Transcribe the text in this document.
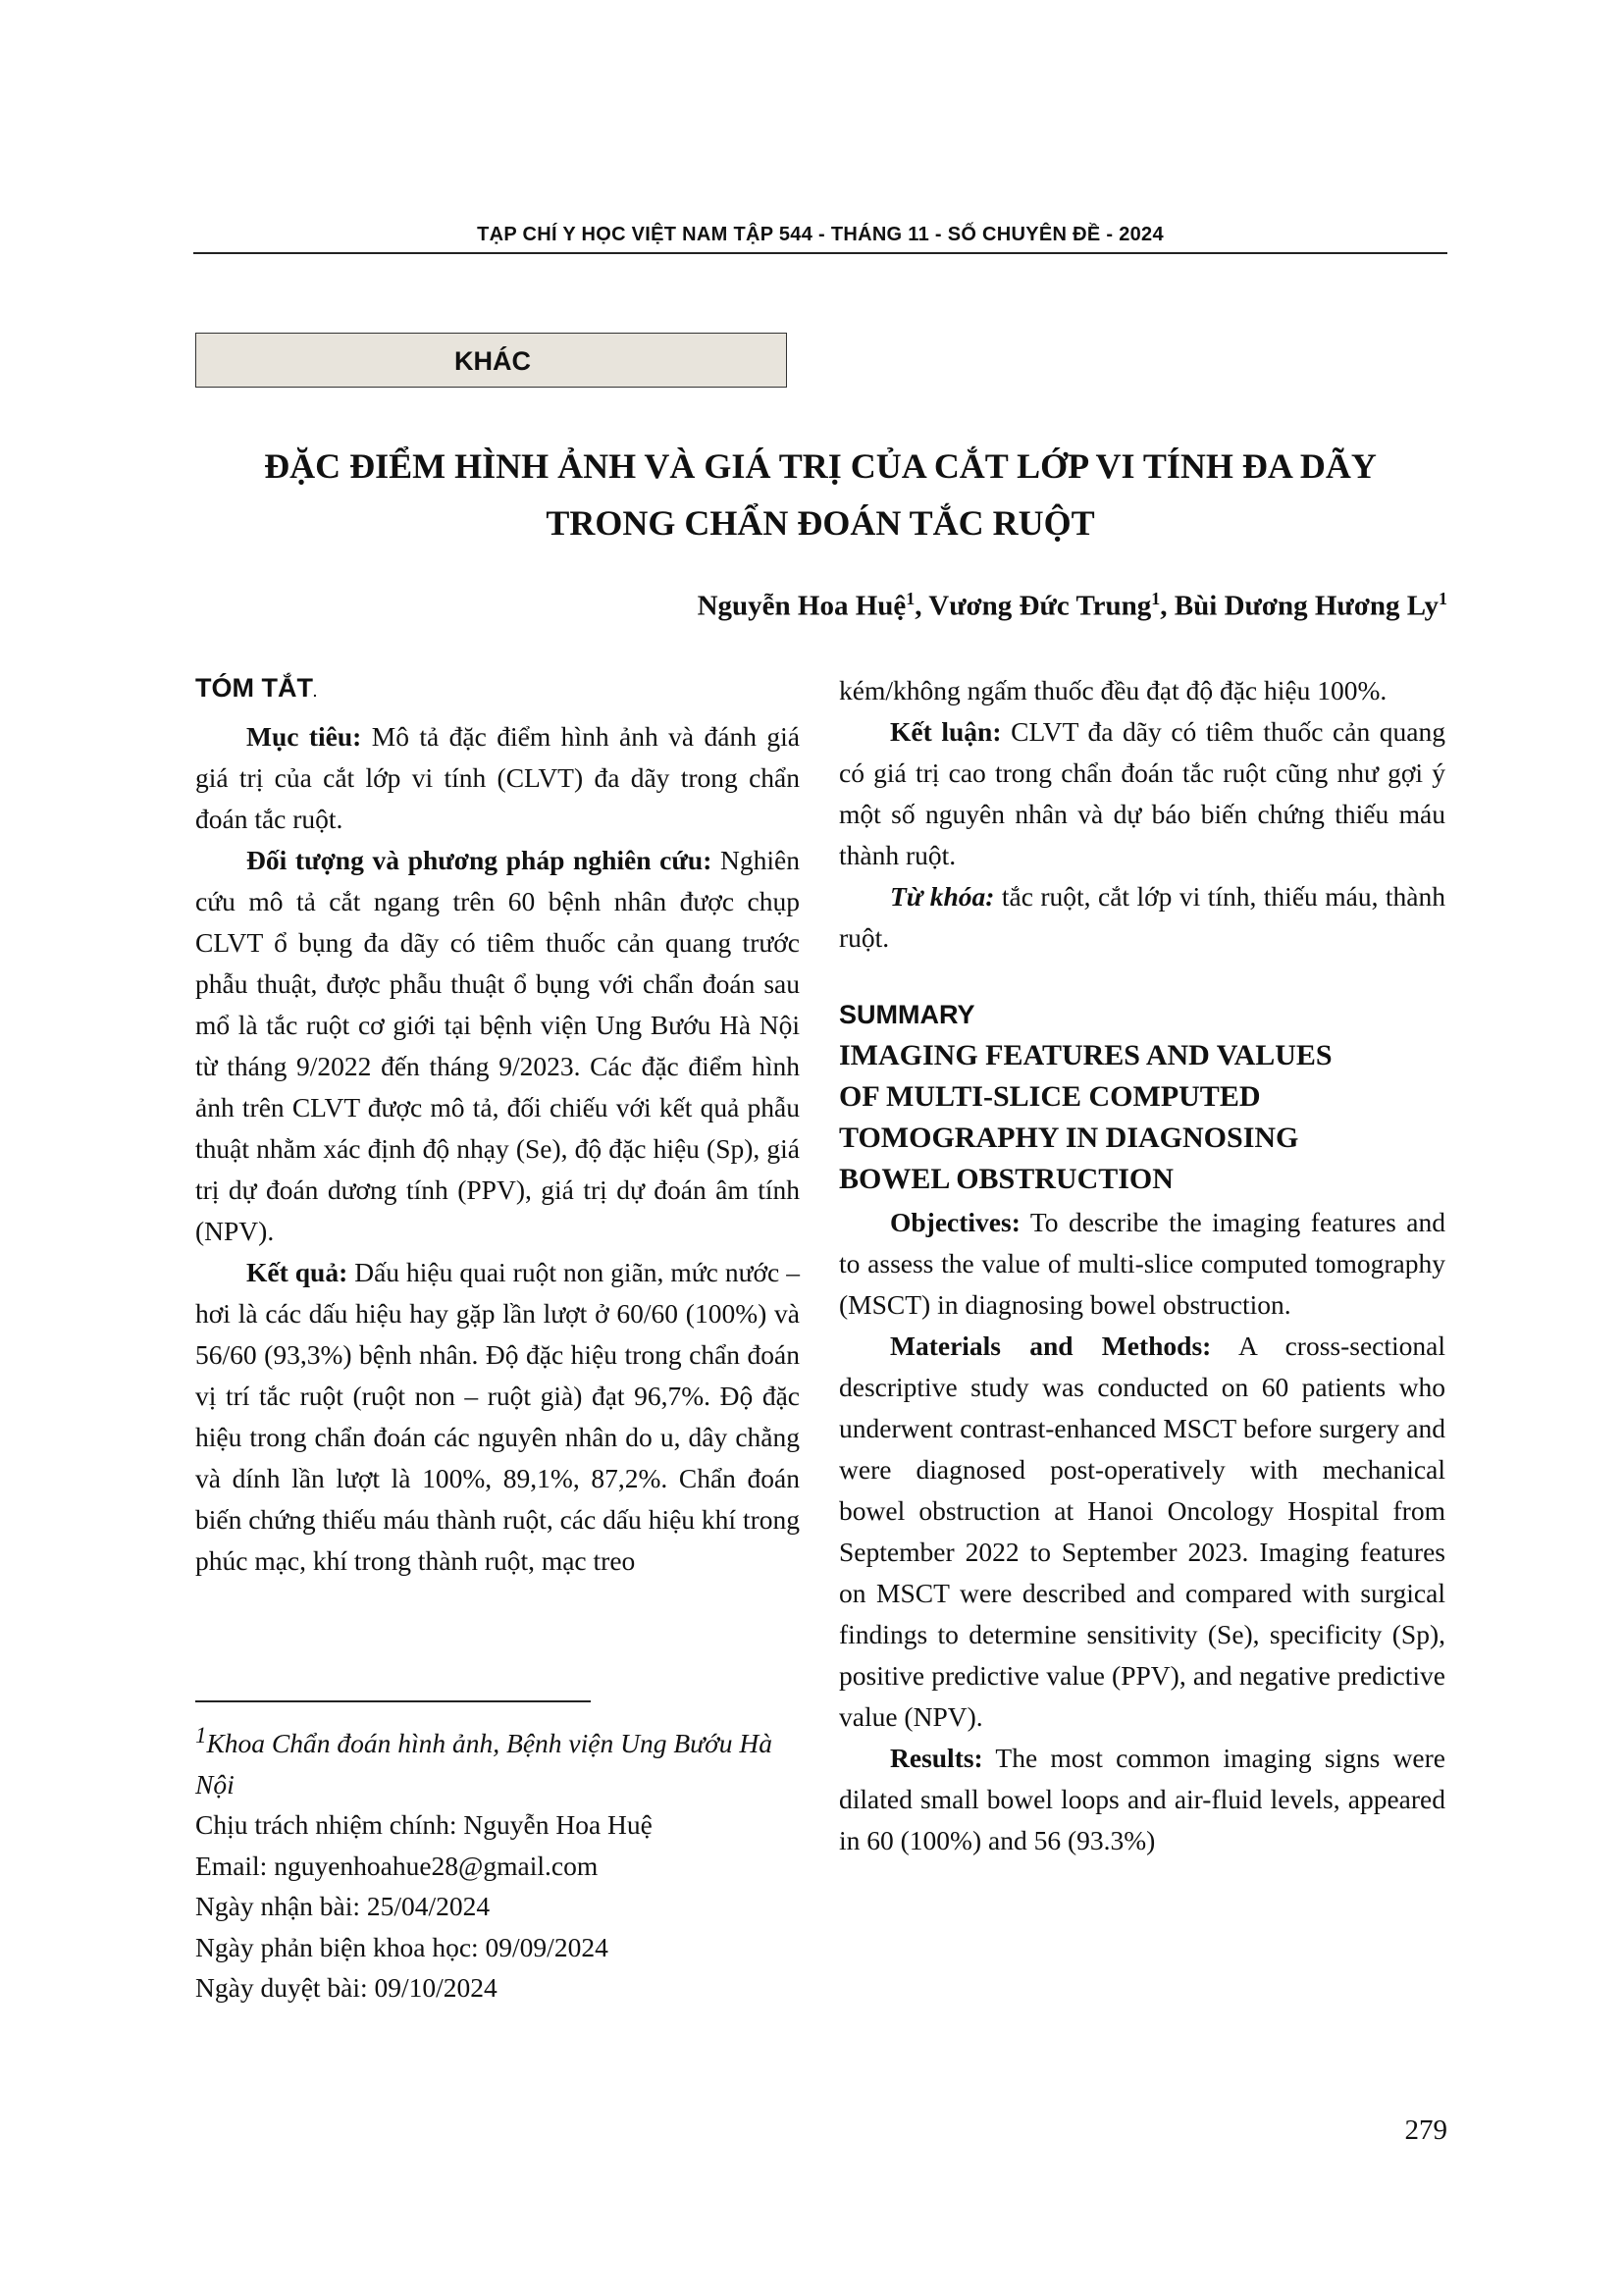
TẠP CHÍ Y HỌC VIỆT NAM TẬP 544 - THÁNG 11 - SỐ CHUYÊN ĐỀ - 2024
KHÁC
ĐẶC ĐIỂM HÌNH ẢNH VÀ GIÁ TRỊ CỦA CẮT LỚP VI TÍNH ĐA DÃY
TRONG CHẨN ĐOÁN TẮC RUỘT
Nguyễn Hoa Huệ$^1$, Vương Đức Trung$^1$, Bùi Dương Hương Ly$^1$

TÓM TẮT.

Mục tiêu: Mô tả đặc điểm hình ảnh và đánh giá giá trị của cắt lớp vi tính (CLVT) đa dãy trong chẩn đoán tắc ruột.

Đối tượng và phương pháp nghiên cứu: Nghiên cứu mô tả cắt ngang trên 60 bệnh nhân được chụp CLVT ổ bụng đa dãy có tiêm thuốc cản quang trước phẫu thuật, được phẫu thuật ổ bụng với chẩn đoán sau mổ là tắc ruột cơ giới tại bệnh viện Ung Bướu Hà Nội từ tháng 9/2022 đến tháng 9/2023. Các đặc điểm hình ảnh trên CLVT được mô tả, đối chiếu với kết quả phẫu thuật nhằm xác định độ nhạy (Se), độ đặc hiệu (Sp), giá trị dự đoán dương tính (PPV), giá trị dự đoán âm tính (NPV).

Kết quả: Dấu hiệu quai ruột non giãn, mức nước – hơi là các dấu hiệu hay gặp lần lượt ở 60/60 (100%) và 56/60 (93,3%) bệnh nhân. Độ đặc hiệu trong chẩn đoán vị trí tắc ruột (ruột non – ruột già) đạt 96,7%. Độ đặc hiệu trong chẩn đoán các nguyên nhân do u, dây chằng và dính lần lượt là 100%, 89,1%, 87,2%. Chẩn đoán biến chứng thiếu máu thành ruột, các dấu hiệu khí trong phúc mạc, khí trong thành ruột, mạc treo

$^1$Khoa Chẩn đoán hình ảnh, Bệnh viện Ung Bướu Hà Nội

Chịu trách nhiệm chính: Nguyễn Hoa Huệ

Email: nguyenhoahue28@gmail.com

Ngày nhận bài: 25/04/2024

Ngày phản biện khoa học: 09/09/2024

Ngày duyệt bài: 09/10/2024

kém/không ngấm thuốc đều đạt độ đặc hiệu 100%.

Kết luận: CLVT đa dãy có tiêm thuốc cản quang có giá trị cao trong chẩn đoán tắc ruột cũng như gợi ý một số nguyên nhân và dự báo biến chứng thiếu máu thành ruột.

Từ khóa: tắc ruột, cắt lớp vi tính, thiếu máu, thành ruột.

SUMMARY

IMAGING FEATURES AND VALUES

OF MULTI-SLICE COMPUTED

TOMOGRAPHY IN DIAGNOSING

BOWEL OBSTRUCTION

Objectives: To describe the imaging features and to assess the value of multi-slice computed tomography (MSCT) in diagnosing bowel obstruction.

Materials and Methods: A cross-sectional descriptive study was conducted on 60 patients who underwent contrast-enhanced MSCT before surgery and were diagnosed post-operatively with mechanical bowel obstruction at Hanoi Oncology Hospital from September 2022 to September 2023. Imaging features on MSCT were described and compared with surgical findings to determine sensitivity (Se), specificity (Sp), positive predictive value (PPV), and negative predictive value (NPV).

Results: The most common imaging signs were dilated small bowel loops and air-fluid levels, appeared in 60 (100%) and 56 (93.3%)

279
